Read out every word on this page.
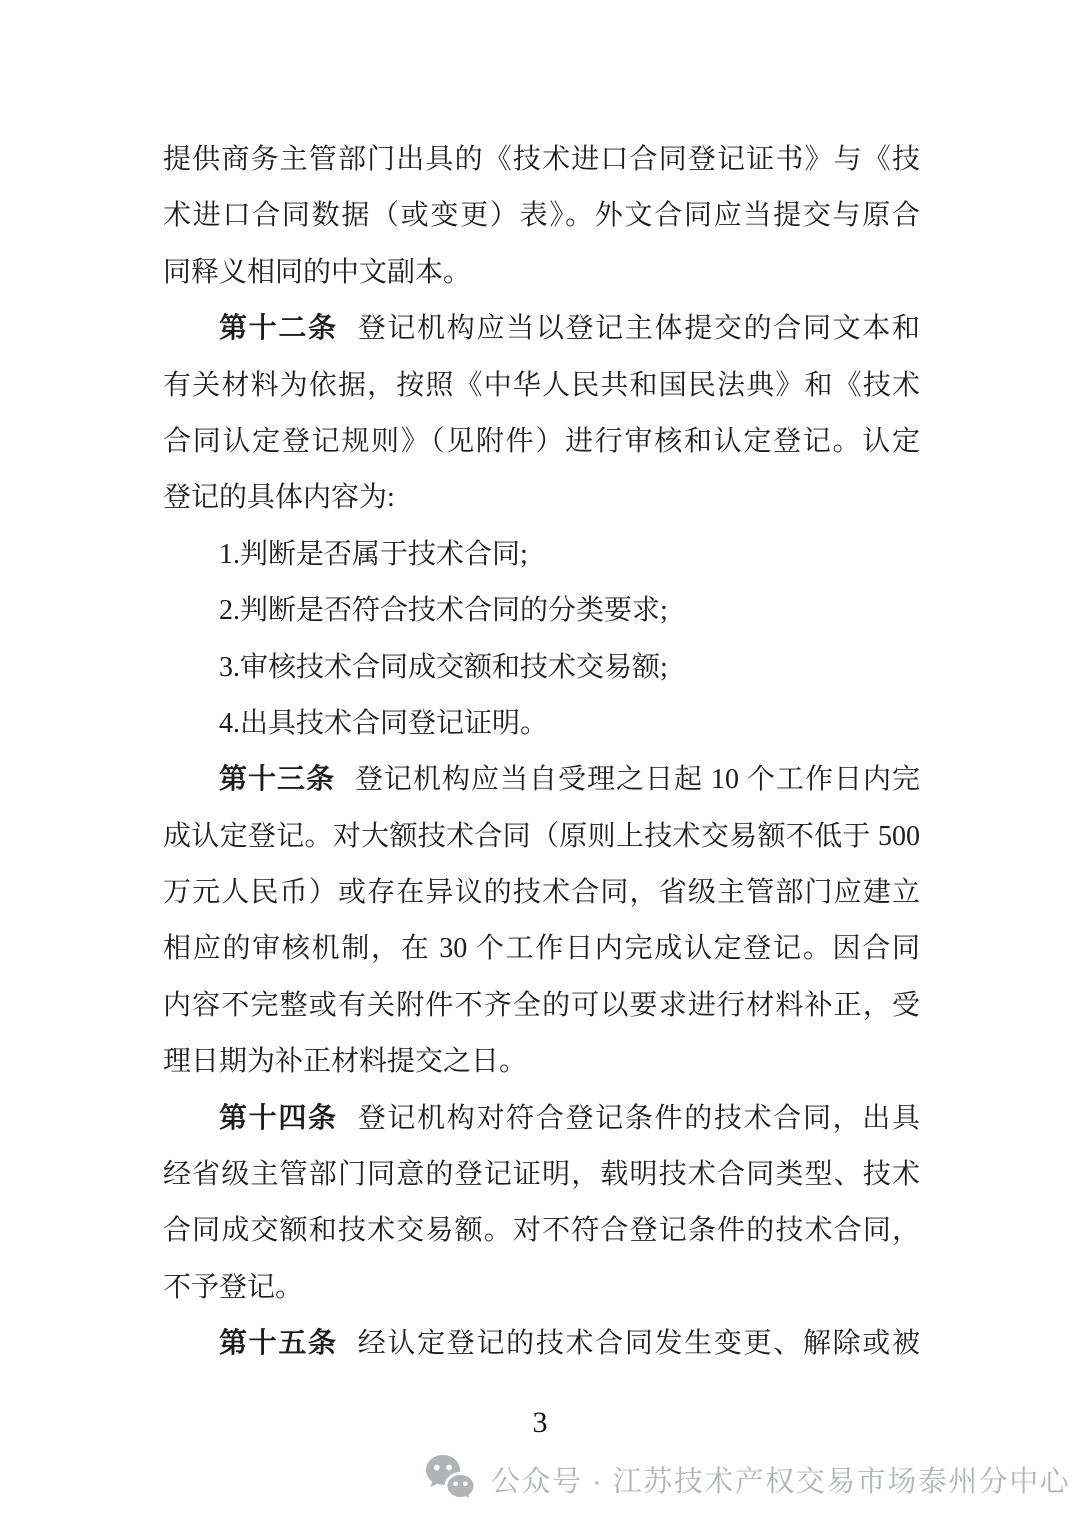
提供商务主管部门出具的《技术进口合同登记证书》与《技
术进口合同数据（或变更）表》。外文合同应当提交与原合
同释义相同的中文副本。
第十二条 登记机构应当以登记主体提交的合同文本和
有关材料为依据，按照《中华人民共和国民法典》和《技术
合同认定登记规则》（见附件）进行审核和认定登记。认定
登记的具体内容为:
1.判断是否属于技术合同;
2.判断是否符合技术合同的分类要求;
3.审核技术合同成交额和技术交易额;
4.出具技术合同登记证明。
第十三条 登记机构应当自受理之日起 10 个工作日内完
成认定登记。对大额技术合同（原则上技术交易额不低于 500
万元人民币）或存在异议的技术合同，省级主管部门应建立
相应的审核机制，在 30 个工作日内完成认定登记。因合同
内容不完整或有关附件不齐全的可以要求进行材料补正，受
理日期为补正材料提交之日。
第十四条 登记机构对符合登记条件的技术合同，出具
经省级主管部门同意的登记证明，载明技术合同类型、技术
合同成交额和技术交易额。对不符合登记条件的技术合同，
不予登记。
第十五条 经认定登记的技术合同发生变更、解除或被
3
公众号 · 江苏技术产权交易市场泰州分中心
